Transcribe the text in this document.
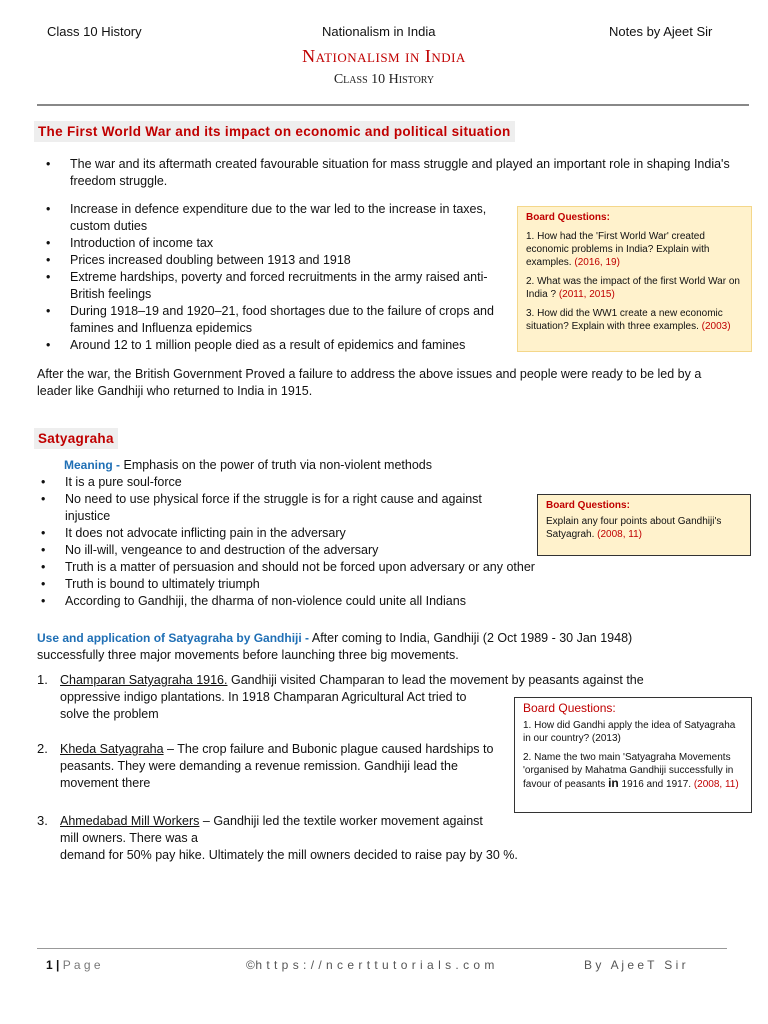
Class 10 History	Nationalism in India	Notes by Ajeet Sir
Nationalism in India
Class 10 History
The First World War and its impact on economic and political situation
• The war and its aftermath created favourable situation for mass struggle and played an important role in shaping India's freedom struggle.
• Increase in defence expenditure due to the war led to the increase in taxes, custom duties
• Introduction of income tax
• Prices increased doubling between 1913 and 1918
• Extreme hardships, poverty and forced recruitments in the army raised anti-British feelings
• During 1918–19 and 1920–21, food shortages due to the failure of crops and famines and Influenza epidemics
• Around 12 to 1 million people died as a result of epidemics and famines

Board Questions:

1. How had the 'First World War' created economic problems in India? Explain with examples. (2016, 19)

2. What was the impact of the first World War on India ? (2011, 2015)

3. How did the WW1 create a new economic situation? Explain with three examples. (2003)

After the war, the British Government Proved a failure to address the above issues and people were ready to be led by a leader like Gandhiji who returned to India in 1915.
Satyagraha
Meaning - Emphasis on the power of truth via non-violent methods
• It is a pure soul-force
• No need to use physical force if the struggle is for a right cause and against injustice
• It does not advocate inflicting pain in the adversary
• No ill-will, vengeance to and destruction of the adversary
• Truth is a matter of persuasion and should not be forced upon adversary or any other
• Truth is bound to ultimately triumph
• According to Gandhiji, the dharma of non-violence could unite all Indians

Board Questions:

Explain any four points about Gandhiji's Satyagrah. (2008, 11)

Use and application of Satyagraha by Gandhiji - After coming to India, Gandhiji (2 Oct 1989 - 30 Jan 1948)
successfully three major movements before launching three big movements.
1. Champaran Satyagraha 1916. Gandhiji visited Champaran to lead the movement by peasants against the
oppressive indigo plantations. In 1918 Champaran Agricultural Act tried to
solve the problem
2. Kheda Satyagraha – The crop failure and Bubonic plague caused hardships to
peasants. They were demanding a revenue remission. Gandhiji lead the
movement there
3. Ahmedabad Mill Workers – Gandhiji led the textile worker movement against
mill owners. There was a
demand for 50% pay hike. Ultimately the mill owners decided to raise pay by 30 %.

Board Questions:

1. How did Gandhi apply the idea of Satyagraha in our country? (2013)

2. Name the two main 'Satyagraha Movements 'organised by Mahatma Gandhiji successfully in favour of peasants in 1916 and 1917. (2008, 11)

1 | P a g e	©h t t p s : / / n c e r t t u t o r i a l s . c o m	B y   A j e e T   S i r
